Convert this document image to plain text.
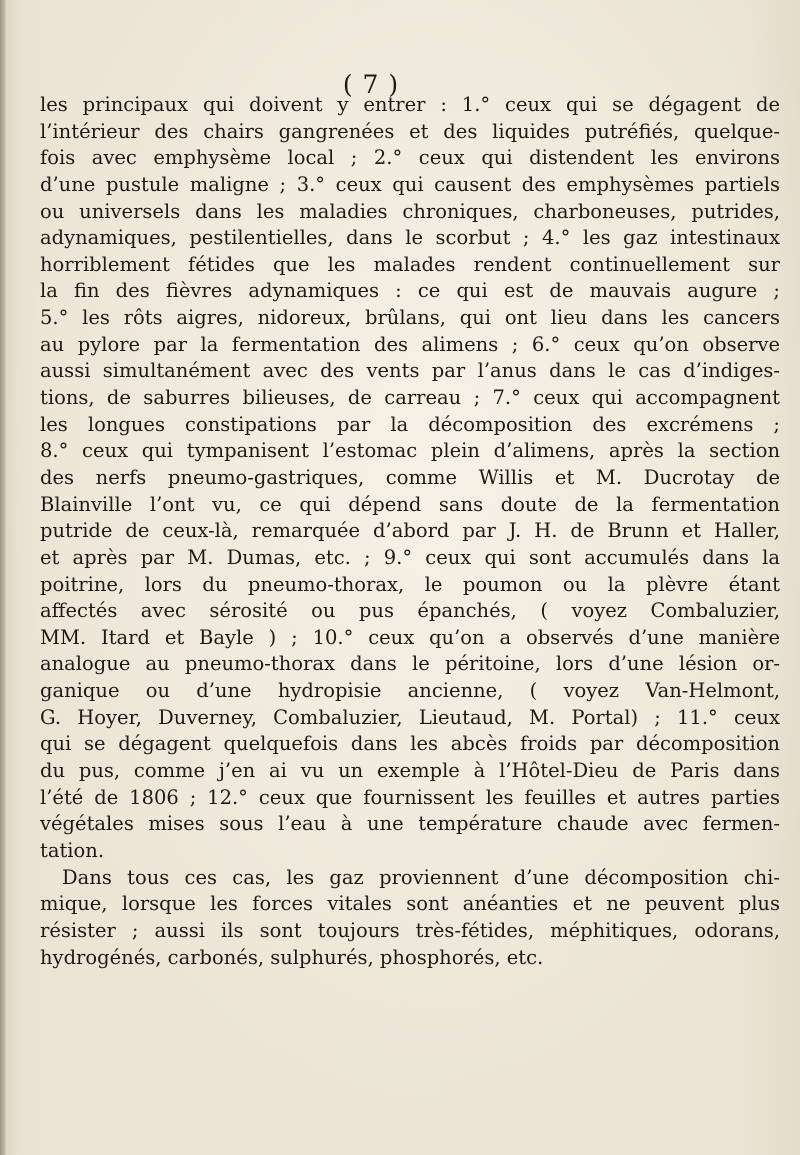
( 7 )
les principaux qui doivent y entrer : 1.° ceux qui se dégagent de
l’intérieur des chairs gangrenées et des liquides putréfiés, quelque-
fois avec emphysème local ; 2.° ceux qui distendent les environs
d’une pustule maligne ; 3.° ceux qui causent des emphysèmes partiels
ou universels dans les maladies chroniques, charboneuses, putrides,
adynamiques, pestilentielles, dans le scorbut ; 4.° les gaz intestinaux
horriblement fétides que les malades rendent continuellement sur
la fin des fièvres adynamiques : ce qui est de mauvais augure ;
5.° les rôts aigres, nidoreux, brûlans, qui ont lieu dans les cancers
au pylore par la fermentation des alimens ; 6.° ceux qu’on observe
aussi simultanément avec des vents par l’anus dans le cas d’indiges-
tions, de saburres bilieuses, de carreau ; 7.° ceux qui accompagnent
les longues constipations par la décomposition des excrémens ;
8.° ceux qui tympanisent l’estomac plein d’alimens, après la section
des nerfs pneumo-gastriques, comme Willis et M. Ducrotay de
Blainville l’ont vu, ce qui dépend sans doute de la fermentation
putride de ceux-là, remarquée d’abord par J. H. de Brunn et Haller,
et après par M. Dumas, etc. ; 9.° ceux qui sont accumulés dans la
poitrine, lors du pneumo-thorax, le poumon ou la plèvre étant
affectés avec sérosité ou pus épanchés, ( voyez Combaluzier,
MM. Itard et Bayle ) ; 10.° ceux qu’on a observés d’une manière
analogue au pneumo-thorax dans le péritoine, lors d’une lésion or-
ganique ou d’une hydropisie ancienne, ( voyez Van-Helmont,
G. Hoyer, Duverney, Combaluzier, Lieutaud, M. Portal) ; 11.° ceux
qui se dégagent quelquefois dans les abcès froids par décomposition
du pus, comme j’en ai vu un exemple à l’Hôtel-Dieu de Paris dans
l’été de 1806 ; 12.° ceux que fournissent les feuilles et autres parties
végétales mises sous l’eau à une température chaude avec fermen-
tation.
Dans tous ces cas, les gaz proviennent d’une décomposition chi-
mique, lorsque les forces vitales sont anéanties et ne peuvent plus
résister ; aussi ils sont toujours très-fétides, méphitiques, odorans,
hydrogénés, carbonés, sulphurés, phosphorés, etc.
